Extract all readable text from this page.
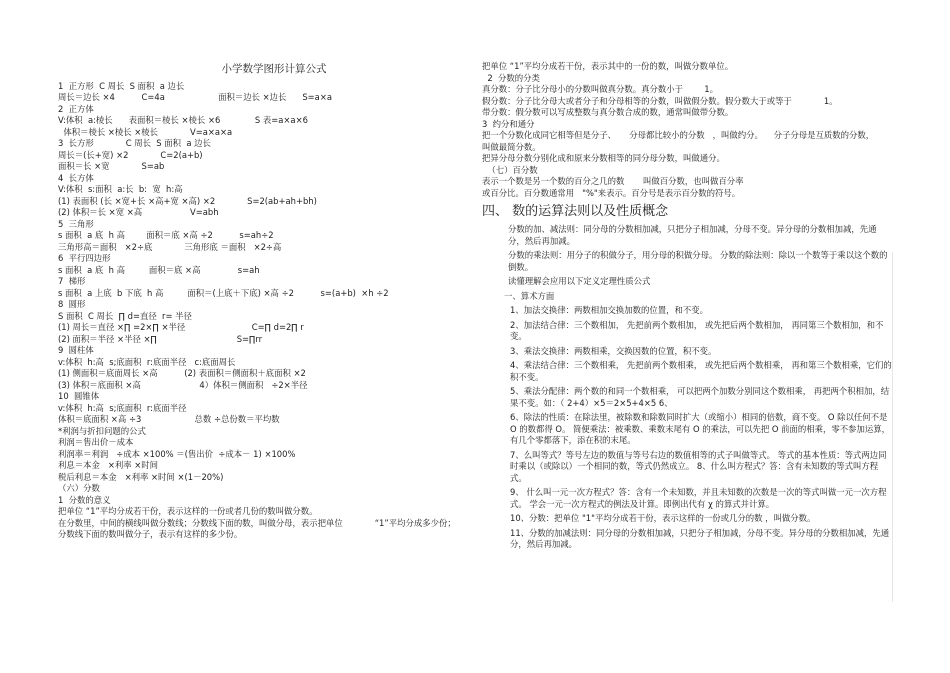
小学数学图形计算公式
1  正方形  C 周长  S 面积  a 边长
周长＝边长 ×4          C=4a                    面积＝边长 ×边长      S=a×a
2  正方体
V:体积  a:棱长      表面积＝棱长 ×棱长 ×6             S 表=a×a×6
体积＝棱长 ×棱长 ×棱长            V=a×a×a
3  长方形            C 周长  S 面积  a 边长
周长＝(长+宽) ×2            C=2(a+b)
面积＝长 ×宽            S=ab
4  长方体
V:体积  s:面积  a:长  b:  宽  h:高
(1) 表面积 (长 ×宽+长 ×高+宽 ×高) ×2            S=2(ab+ah+bh)
(2) 体积＝长 ×宽 ×高                  V=abh
5  三角形
s 面积  a 底  h 高        面积＝底 ×高 ÷2          s=ah÷2
三角形高＝面积   ×2÷底            三角形底 ＝面积   ×2÷高
6  平行四边形
s 面积  a 底  h 高         面积＝底 ×高              s=ah
7  梯形
s 面积  a 上底  b 下底  h 高         面积＝(上底＋下底) ×高 ÷2          s=(a+b)  ×h ÷2
8  圆形
S 面积  C 周长  ∏ d=直径  r= 半径
(1) 周长＝直径 ×∏ =2×∏ ×半径                         C=∏ d=2∏ r
(2) 面积＝半径 ×半径 ×∏                              S=∏rr
9  圆柱体
v:体积  h:高  s;底面积  r:底面半径   c:底面周长
(1) 侧面积＝底面周长 ×高          (2) 表面积＝侧面积＋底面积 ×2
(3) 体积＝底面积 ×高                      4）体积＝侧面积   ÷2×半径
10  圆锥体
v:体积  h:高  s;底面积  r:底面半径
体积＝底面积 ×高 ÷3                    总数 ÷总份数＝平均数
*利润与折扣问题的公式
利润＝售出价－成本
利润率＝利润   ÷成本 ×100% ＝(售出价  ÷成本－ 1) ×100%
利息＝本金   ×利率 ×时间
税后利息＝本金   ×利率 ×时间 ×(1－20%)
（六）分数
1  分数的意义
把单位 “1”平均分成若干份，表示这样的一份或者几份的数叫做分数。
在分数里，中间的横线叫做分数线；分数线下面的数，叫做分母，表示把单位            “1”平均分成多少份；
分数线下面的数叫做分子，表示有这样的多少份。
把单位 “1”平均分成若干份，表示其中的一份的数，叫做分数单位。
2  分数的分类
真分数：分子比分母小的分数叫做真分数。真分数小于        1。
假分数：分子比分母大或者分子和分母相等的分数，叫做假分数。假分数大于或等于            1。
带分数：假分数可以写成整数与真分数合成的数，通常叫做带分数。
3  约分和通分
把一个分数化成同它相等但是分子、     分母都比较小的分数   ，叫做约分。    分子分母是互质数的分数，
叫做最简分数。
把异分母分数分别化成和原来分数相等的同分母分数，叫做通分。
（七）百分数
表示一个数是另一个数的百分之几的数       叫做百分数，也叫做百分率
或百分比。百分数通常用   "%"来表示。百分号是表示百分数的符号。
四、 数的运算法则以及性质概念
分数的加、减法则：同分母的分数相加减，只把分子相加减，分母不变。异分母的分数相加减，先通分，然后再加减。
分数的乘法则：用分子的积做分子，用分母的积做分母。 分数的除法则：除以一个数等于乘以这个数的倒数。
读懂理解会应用以下定义定理性质公式
一、算术方面
1、加法交换律：两数相加交换加数的位置，和不变。
2、加法结合律：三个数相加， 先把前两个数相加， 或先把后两个数相加， 再同第三个数相加，和不变。
3、乘法交换律：两数相乘，交换因数的位置，积不变。
4、乘法结合律：三个数相乘， 先把前两个数相乘， 或先把后两个数相乘， 再和第三个数相乘，它们的积不变。
5、乘法分配律：两个数的和同一个数相乘， 可以把两个加数分别同这个数相乘， 再把两个积相加，结果不变。如：（ 2+4）×5＝2×5+4×5 6、
6、除法的性质：在除法里，被除数和除数同时扩大（或缩小）相同的倍数，商不变。 O 除以任何不是 O 的数都得 O。 简便乘法：被乘数、乘数末尾有 O 的乘法，可以先把 O 前面的相乘，零不参加运算，有几个零都落下，添在积的末尾。
7、么叫等式？等号左边的数值与等号右边的数值相等的式子叫做等式。 等式的基本性质：等式两边同时乘以（或除以）一个相同的数，等式仍然成立。 8、什么叫方程式？答：含有未知数的等式叫方程式。
9、 什么叫一元一次方程式？答：含有一个未知数，并且未知数的次数是一次的等式叫做一元一次方程式。 学会一元一次方程式的例法及计算。即例出代有 χ 的算式并计算。
10、分数：把单位 "1"平均分成若干份，表示这样的一份或几分的数 ，叫做分数。
11、分数的加减法则：同分母的分数相加减，只把分子相加减，分母不变。异分母的分数相加减，先通分，然后再加减。
